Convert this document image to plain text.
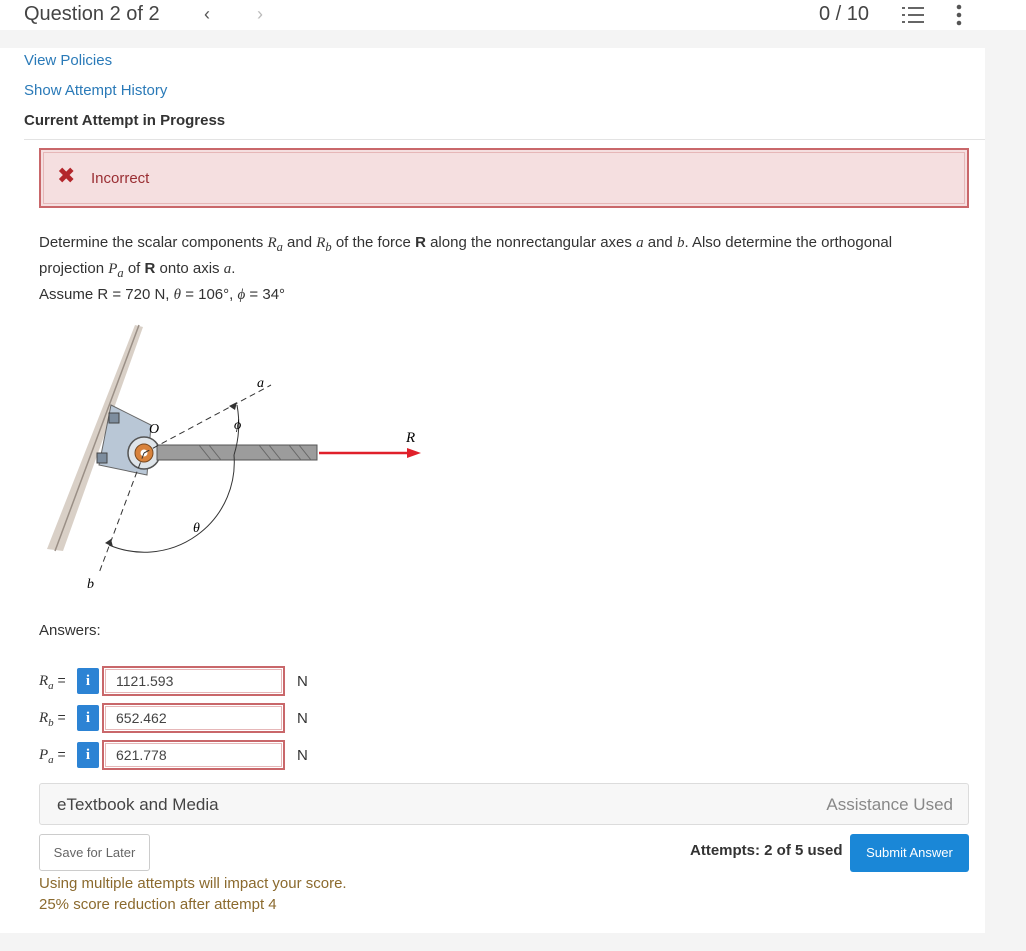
Question 2 of 2 ‹	›	0 / 10
View Policies
Show Attempt History
Current Attempt in Progress
✖ Incorrect
Determine the scalar components $R_a$ and $R_b$ of the force R along the nonrectangular axes a and b. Also determine the orthogonal projection $P_a$ of R onto axis a.
Assume R = 720 N, θ = 106°, ϕ = 34°
O
a
b
R
ϕ
θ
Answers:
$R_a$ =	i	1121.593	N
$R_b$ =	i	652.462	N
$P_a$ =	i	621.778	N
eTextbook and Media	Assistance Used
Save for Later	Attempts: 2 of 5 used	Submit Answer
Using multiple attempts will impact your score.
25% score reduction after attempt 4
